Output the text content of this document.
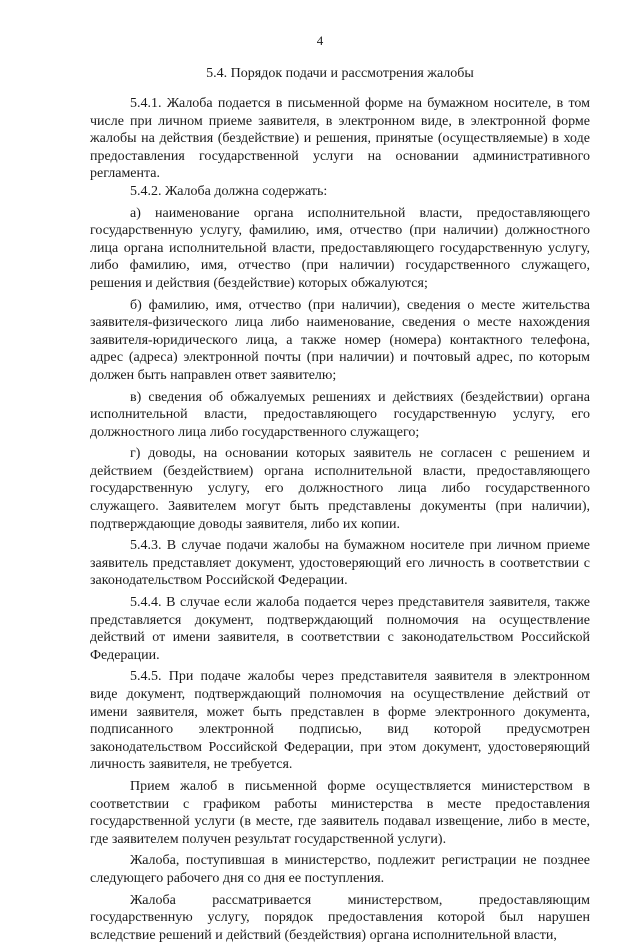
4
5.4. Порядок подачи и рассмотрения жалобы

5.4.1. Жалоба подается в письменной форме на бумажном носителе, в том числе при личном приеме заявителя, в электронном виде, в электронной форме жалобы на действия (бездействие) и решения, принятые (осуществляемые) в ходе предоставления государственной услуги на основании административного регламента.

5.4.2. Жалоба должна содержать:

а) наименование органа исполнительной власти, предоставляющего государственную услугу, фамилию, имя, отчество (при наличии) должностного лица органа исполнительной власти, предоставляющего государственную услугу, либо фамилию, имя, отчество (при наличии) государственного служащего, решения и действия (бездействие) которых обжалуются;

б) фамилию, имя, отчество (при наличии), сведения о месте жительства заявителя-физического лица либо наименование, сведения о месте нахождения заявителя-юридического лица, а также номер (номера) контактного телефона, адрес (адреса) электронной почты (при наличии) и почтовый адрес, по которым должен быть направлен ответ заявителю;

в) сведения об обжалуемых решениях и действиях (бездействии) органа исполнительной власти, предоставляющего государственную услугу, его должностного лица либо государственного служащего;

г) доводы, на основании которых заявитель не согласен с решением и действием (бездействием) органа исполнительной власти, предоставляющего государственную услугу, его должностного лица либо государственного служащего. Заявителем могут быть представлены документы (при наличии), подтверждающие доводы заявителя, либо их копии.

5.4.3. В случае подачи жалобы на бумажном носителе при личном приеме заявитель представляет документ, удостоверяющий его личность в соответствии с законодательством Российской Федерации.

5.4.4. В случае если жалоба подается через представителя заявителя, также представляется документ, подтверждающий полномочия на осуществление действий от имени заявителя, в соответствии с законодательством Российской Федерации.

5.4.5. При подаче жалобы через представителя заявителя в электронном виде документ, подтверждающий полномочия на осуществление действий от имени заявителя, может быть представлен в форме электронного документа, подписанного электронной подписью, вид которой предусмотрен законодательством Российской Федерации, при этом документ, удостоверяющий личность заявителя, не требуется.

Прием жалоб в письменной форме осуществляется министерством в соответствии с графиком работы министерства в месте предоставления государственной услуги (в месте, где заявитель подавал извещение, либо в месте, где заявителем получен результат государственной услуги).

Жалоба, поступившая в министерство, подлежит регистрации не позднее следующего рабочего дня со дня ее поступления.

Жалоба рассматривается министерством, предоставляющим государственную услугу, порядок предоставления которой был нарушен вследствие решений и действий (бездействия) органа исполнительной власти,
